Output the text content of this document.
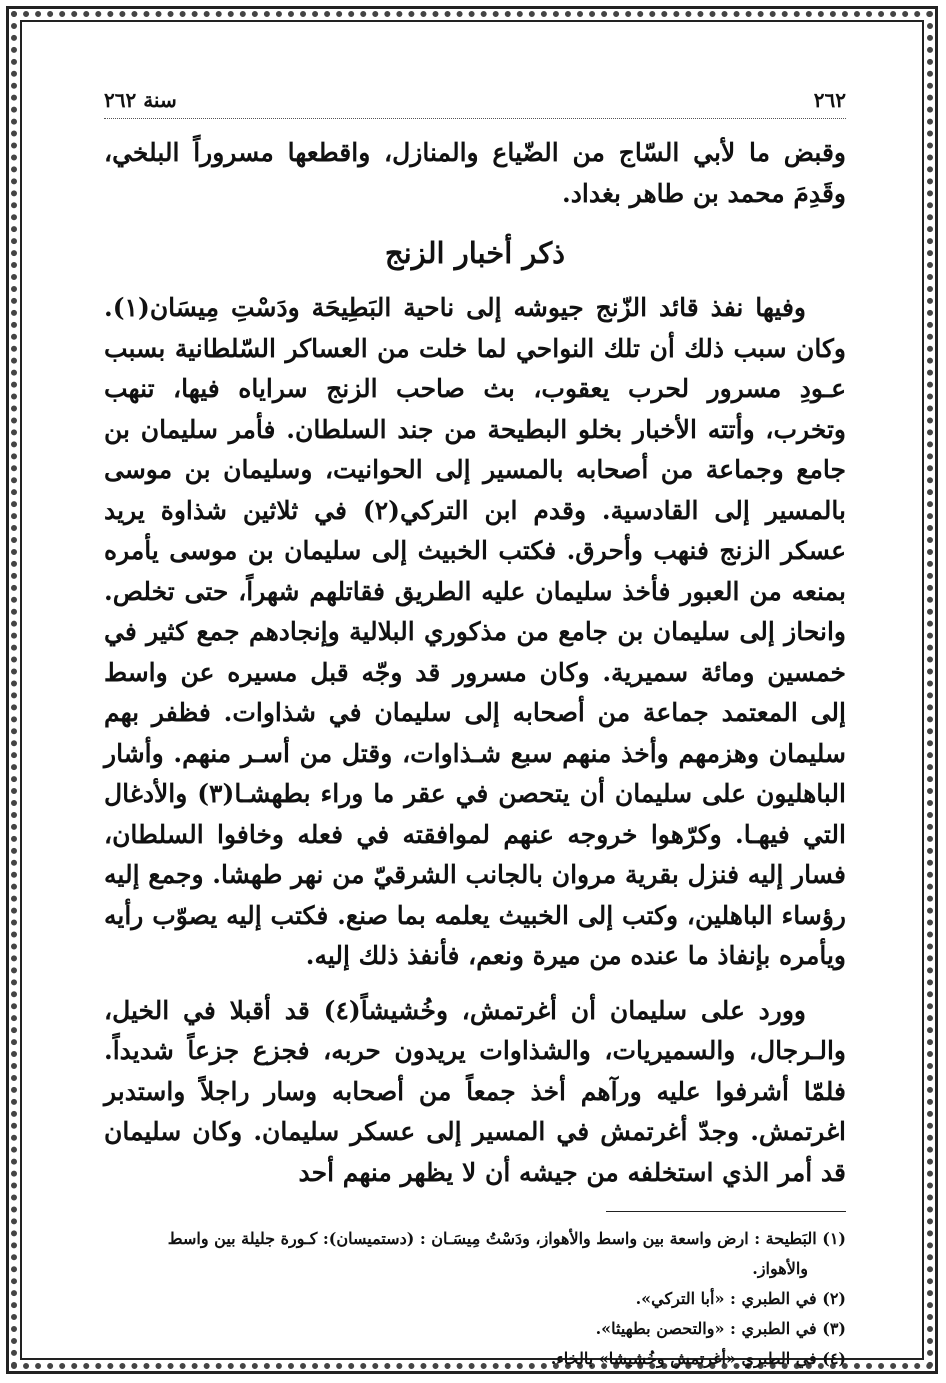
٢٦٢
سنة ٢٦٢

وقبض ما لأبي السّاج من الضّياع والمنازل، واقطعها مسروراً البلخي، وقَدِمَ محمد بن طاهر بغداد.

ذكر أخبار الزنج

وفيها نفذ قائد الزّنج جيوشه إلى ناحية البَطِيحَة ودَسْتِ مِيسَان(١). وكان سبب ذلك أن تلك النواحي لما خلت من العساكر السّلطانية بسبب عـودِ مسرور لحرب يعقوب، بث صاحب الزنج سراياه فيها، تنهب وتخرب، وأتته الأخبار بخلو البطيحة من جند السلطان. فأمر سليمان بن جامع وجماعة من أصحابه بالمسير إلى الحوانيت، وسليمان بن موسى بالمسير إلى القادسية. وقدم ابن التركي(٢) في ثلاثين شذاوة يريد عسكر الزنج فنهب وأحرق. فكتب الخبيث إلى سليمان بن موسى يأمره بمنعه من العبور فأخذ سليمان عليه الطريق فقاتلهم شهراً، حتى تخلص. وانحاز إلى سليمان بن جامع من مذكوري البلالية وإنجادهم جمع كثير في خمسين ومائة سميرية. وكان مسرور قد وجّه قبل مسيره عن واسط إلى المعتمد جماعة من أصحابه إلى سليمان في شذاوات. فظفر بهم سليمان وهزمهم وأخذ منهم سبع شـذاوات، وقتل من أسـر منهم. وأشار الباهليون على سليمان أن يتحصن في عقر ما وراء بطهشـا(٣) والأدغال التي فيهـا. وكرّهوا خروجه عنهم لموافقته في فعله وخافوا السلطان، فسار إليه فنزل بقرية مروان بالجانب الشرقيّ من نهر طهشا. وجمع إليه رؤساء الباهلين، وكتب إلى الخبيث يعلمه بما صنع. فكتب إليه يصوّب رأيه ويأمره بإنفاذ ما عنده من ميرة ونعم، فأنفذ ذلك إليه.

وورد على سليمان أن أغرتمش، وخُشيشاً(٤) قد أقبلا في الخيل، والـرجال، والسميريات، والشذاوات يريدون حربه، فجزع جزعاً شديداً. فلمّا أشرفوا عليه ورآهم أخذ جمعاً من أصحابه وسار راجلاً واستدبر اغرتمش. وجدّ أغرتمش في المسير إلى عسكر سليمان. وكان سليمان قد أمر الذي استخلفه من جيشه أن لا يظهر منهم أحد

(١) البَطيحة : ارض واسعة بين واسط والأهواز، ودَسْتُ مِيسَـان : (دستميسان): كـورة جليلة بين واسط

والأهواز.

(٢) في الطبري : «أبا التركي».

(٣) في الطبري : «والتحصن بطهيثا».

(٤) في الطبري «أغرتمش وخُشيشا» بالخاء.
